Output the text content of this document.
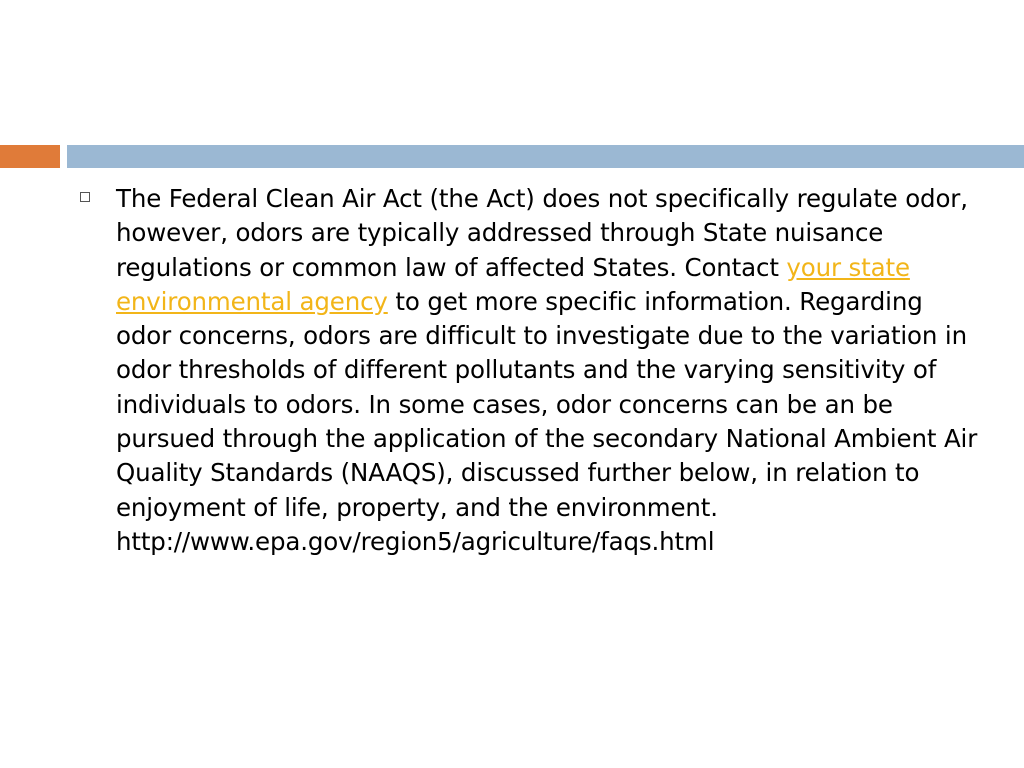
The Federal Clean Air Act (the Act) does not specifically regulate odor, however, odors are typically addressed through State nuisance regulations or common law of affected States. Contact your state environmental agency to get more specific information. Regarding odor concerns, odors are difficult to investigate due to the variation in odor thresholds of different pollutants and the varying sensitivity of individuals to odors. In some cases, odor concerns can be an be pursued through the application of the secondary National Ambient Air Quality Standards (NAAQS), discussed further below, in relation to enjoyment of life, property, and the environment. http://www.epa.gov/region5/agriculture/faqs.html
